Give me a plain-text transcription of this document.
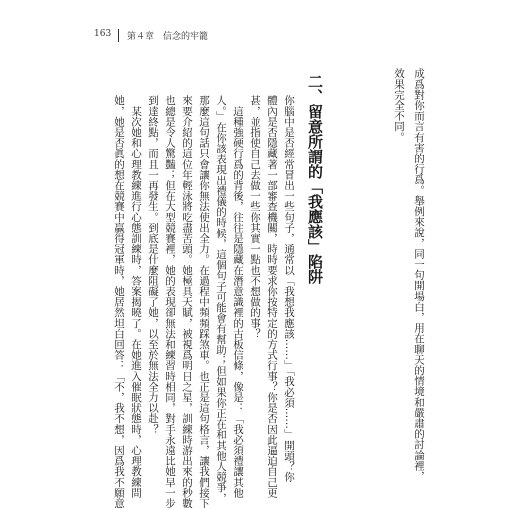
163 第４章　信念的牢籠
二、留意所謂的「我應該」陷阱	成爲對你而言有害的行爲。舉例來說，同一句開場白，用在聊天的情境和嚴肅的討論裡，
效果完全不同。
你腦中是否經常冒出一些句子，通常以「我想我應該……」「我必須……」開頭？你
體內是否隱藏著一部審查機關，時時要求你按特定的方式行事？你是否因此逼迫自己更
甚，並指使自己去做一些你其實一點也不想做的事？
　這種強硬行爲的背後，往往是隱藏在潛意識裡的古板信條，像是：「我必須禮讓其他
人。」在你該表現出禮儀的時候，這個句子可能會有幫助；但如果你正在和其他人競爭，
那麼這句話只會讓你無法使出全力。在過程中頻頻踩煞車。也正是這句格言，讓我們接下
來要介紹的這位年輕泳將吃盡苦頭。她極具天賦，被視爲明日之星，訓練時游出來的秒數
也總是令人驚豔；但在大型競賽裡，她的表現卻無法和練習時相同，對手永遠比她早一步
到達終點，而且一再發生。到底是什麼阻礙了她，以至於無法全力以赴？
　某次她和心理教練進行心態訓練時，答案揭曉了。在她進入催眠狀態時，心理教練問
她，她是否眞的想在競賽中贏得冠軍時，她居然坦白回答：「不，我不想，因爲我不願意
